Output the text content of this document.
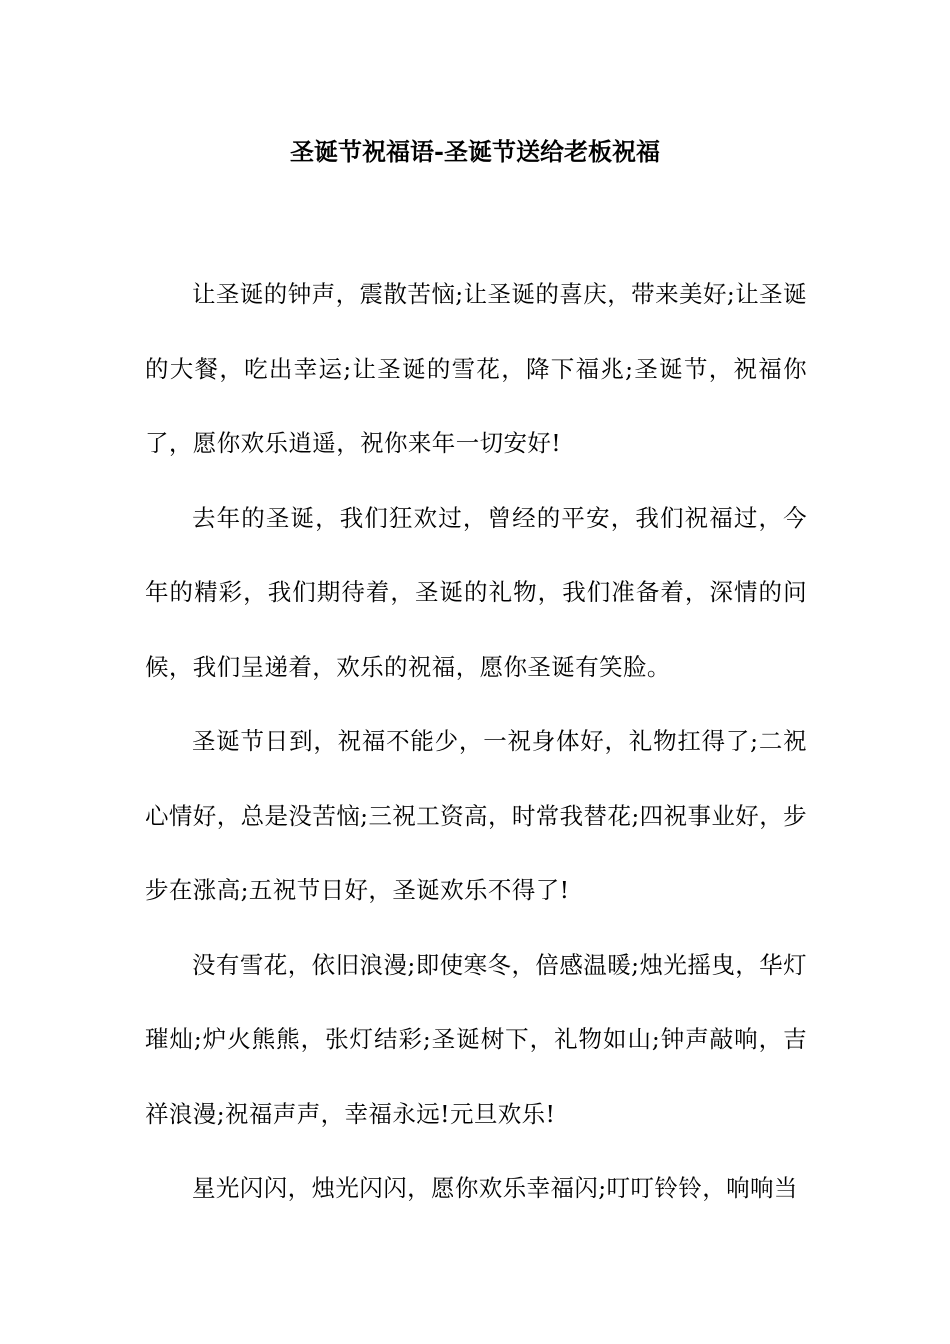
圣诞节祝福语-圣诞节送给老板祝福

让圣诞的钟声，震散苦恼;让圣诞的喜庆，带来美好;让圣诞的大餐，吃出幸运;让圣诞的雪花，降下福兆;圣诞节，祝福你了，愿你欢乐逍遥，祝你来年一切安好!

去年的圣诞，我们狂欢过，曾经的平安，我们祝福过，今年的精彩，我们期待着，圣诞的礼物，我们准备着，深情的问候，我们呈递着，欢乐的祝福，愿你圣诞有笑脸。

圣诞节日到，祝福不能少，一祝身体好，礼物扛得了;二祝心情好，总是没苦恼;三祝工资高，时常我替花;四祝事业好，步步在涨高;五祝节日好，圣诞欢乐不得了!

没有雪花，依旧浪漫;即使寒冬，倍感温暖;烛光摇曳，华灯璀灿;炉火熊熊，张灯结彩;圣诞树下，礼物如山;钟声敲响，吉祥浪漫;祝福声声，幸福永远!元旦欢乐!

星光闪闪，烛光闪闪，愿你欢乐幸福闪;叮叮铃铃，响响当
